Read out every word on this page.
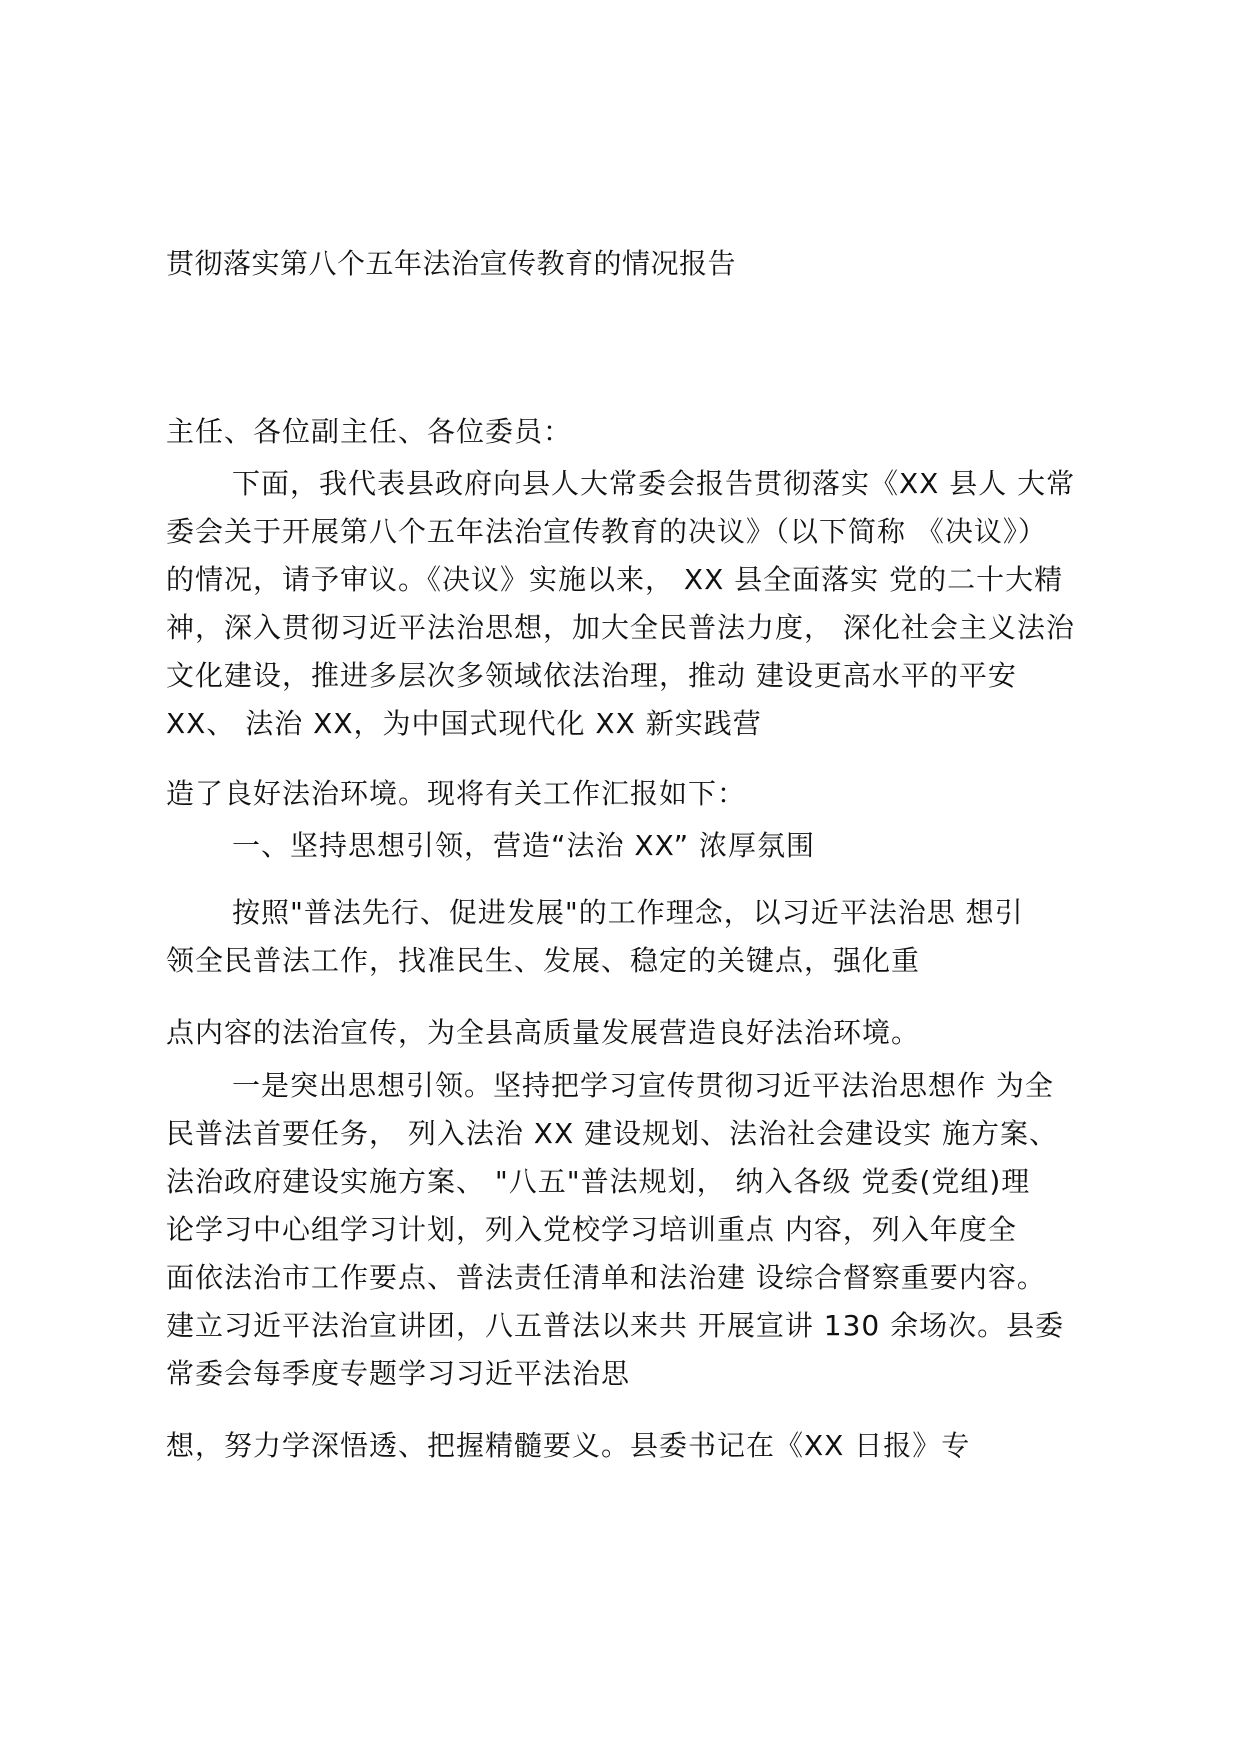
贯彻落实第八个五年法治宣传教育的情况报告
主任、各位副主任、各位委员：
下面，我代表县政府向县人大常委会报告贯彻落实《XX 县人 大常
委会关于开展第八个五年法治宣传教育的决议》（以下简称 《决议》）
的情况，请予审议。《决议》实施以来， XX 县全面落实 党的二十大精
神，深入贯彻习近平法治思想，加大全民普法力度， 深化社会主义法治
文化建设，推进多层次多领域依法治理，推动 建设更高水平的平安
XX、 法治 XX，为中国式现代化 XX 新实践营
造了良好法治环境。现将有关工作汇报如下：
一、坚持思想引领，营造“法治 XX” 浓厚氛围
按照"普法先行、促进发展"的工作理念，以习近平法治思 想引
领全民普法工作，找准民生、发展、稳定的关键点，强化重
点内容的法治宣传，为全县高质量发展营造良好法治环境。
一是突出思想引领。坚持把学习宣传贯彻习近平法治思想作 为全
民普法首要任务， 列入法治 XX 建设规划、法治社会建设实 施方案、
法治政府建设实施方案、 "八五"普法规划， 纳入各级 党委(党组)理
论学习中心组学习计划，列入党校学习培训重点 内容，列入年度全
面依法治市工作要点、普法责任清单和法治建 设综合督察重要内容。
建立习近平法治宣讲团，八五普法以来共 开展宣讲 130 余场次。县委
常委会每季度专题学习习近平法治思
想，努力学深悟透、把握精髓要义。县委书记在《XX 日报》专
